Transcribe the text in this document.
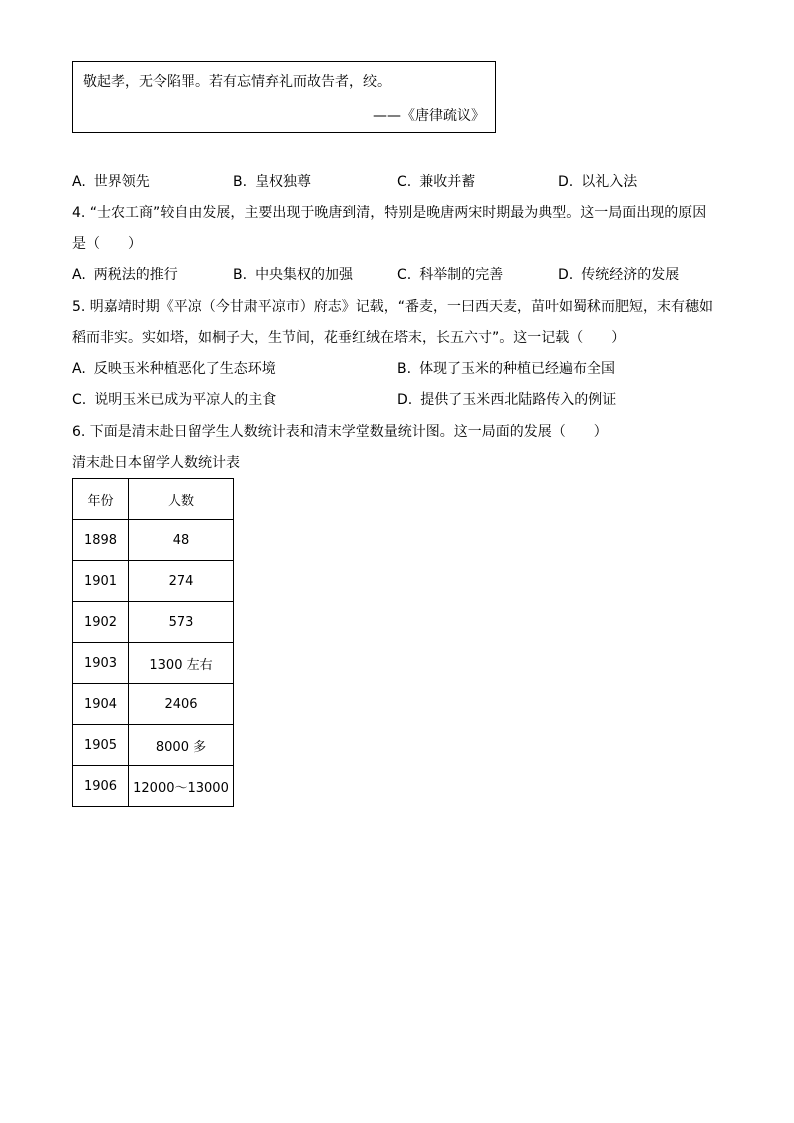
敬起孝，无令陷罪。若有忘情弃礼而故告者，绞。
——《唐律疏议》
A. 世界领先	B. 皇权独尊	C. 兼收并蓄	D. 以礼入法
4. “士农工商”较自由发展，主要出现于晚唐到清，特别是晚唐两宋时期最为典型。这一局面出现的原因
是（　　）
A. 两税法的推行	B. 中央集权的加强	C. 科举制的完善	D. 传统经济的发展
5. 明嘉靖时期《平凉（今甘肃平凉市）府志》记载，“番麦，一曰西天麦，苗叶如蜀秫而肥短，末有穗如
稻而非实。实如塔，如桐子大，生节间，花垂红绒在塔末，长五六寸”。这一记载（　　）
A. 反映玉米种植恶化了生态环境	B. 体现了玉米的种植已经遍布全国
C. 说明玉米已成为平凉人的主食	D. 提供了玉米西北陆路传入的例证
6. 下面是清末赴日留学生人数统计表和清末学堂数量统计图。这一局面的发展（　　）
清末赴日本留学人数统计表
年份	人数
1898	48
1901	274
1902	573
1903	1300 左右
1904	2406
1905	8000 多
1906	12000～13000
